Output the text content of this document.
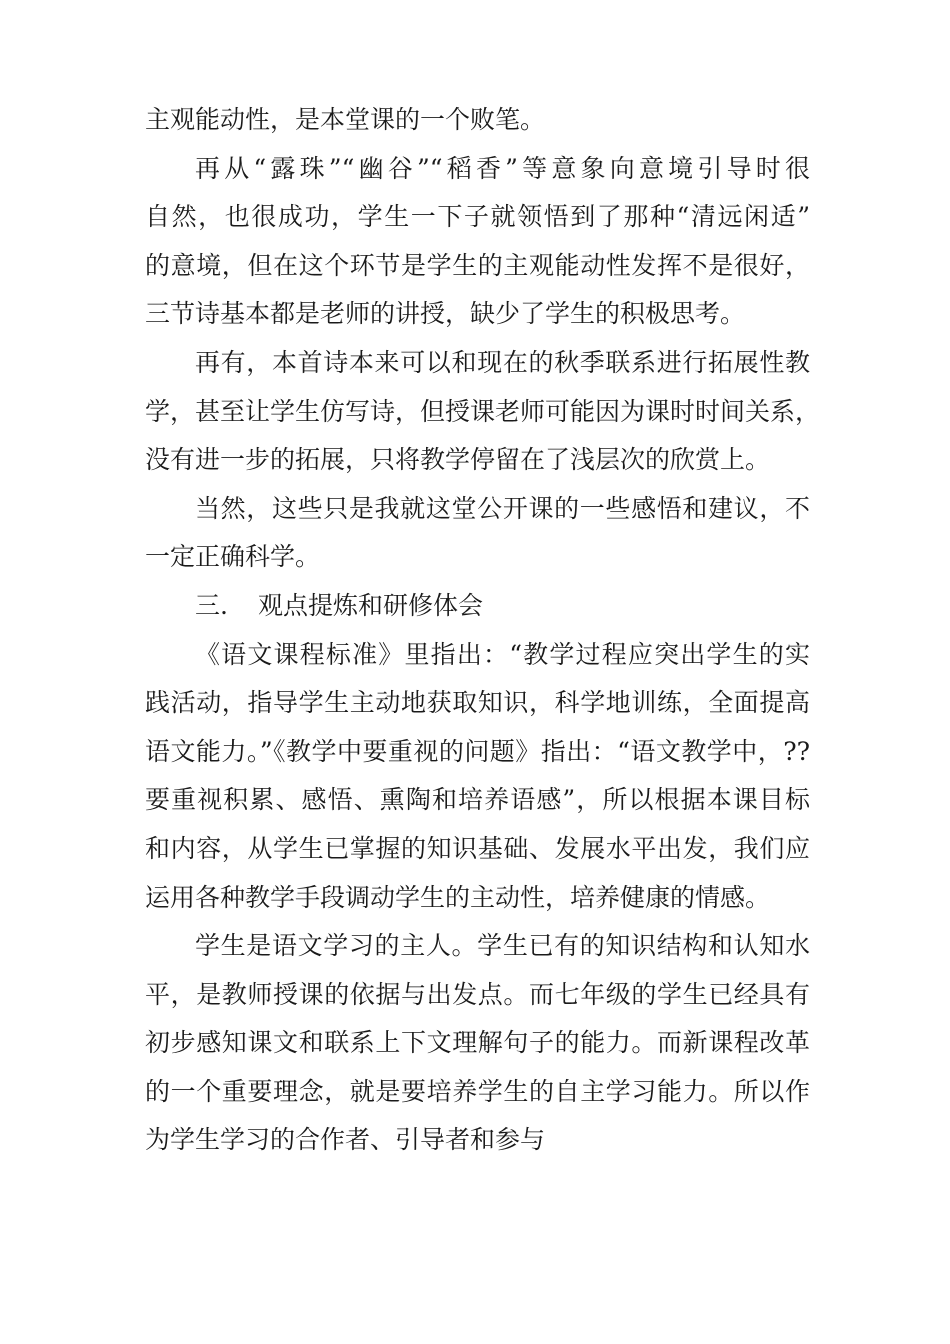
主观能动性，是本堂课的一个败笔。
再从“露珠”“幽谷”“稻香”等意象向意境引导时很
自然，也很成功，学生一下子就领悟到了那种“清远闲适”
的意境，但在这个环节是学生的主观能动性发挥不是很好，
三节诗基本都是老师的讲授，缺少了学生的积极思考。
再有，本首诗本来可以和现在的秋季联系进行拓展性教
学，甚至让学生仿写诗，但授课老师可能因为课时时间关系，
没有进一步的拓展，只将教学停留在了浅层次的欣赏上。
当然，这些只是我就这堂公开课的一些感悟和建议，不
一定正确科学。
三. 观点提炼和研修体会
《语文课程标准》里指出：“教学过程应突出学生的实
践活动，指导学生主动地获取知识，科学地训练，全面提高
语文能力。”《教学中要重视的问题》指出：“语文教学中，??
要重视积累、感悟、熏陶和培养语感”，所以根据本课目标
和内容，从学生已掌握的知识基础、发展水平出发，我们应
运用各种教学手段调动学生的主动性，培养健康的情感。
学生是语文学习的主人。学生已有的知识结构和认知水
平，是教师授课的依据与出发点。而七年级的学生已经具有
初步感知课文和联系上下文理解句子的能力。而新课程改革
的一个重要理念，就是要培养学生的自主学习能力。所以作
为学生学习的合作者、引导者和参与
